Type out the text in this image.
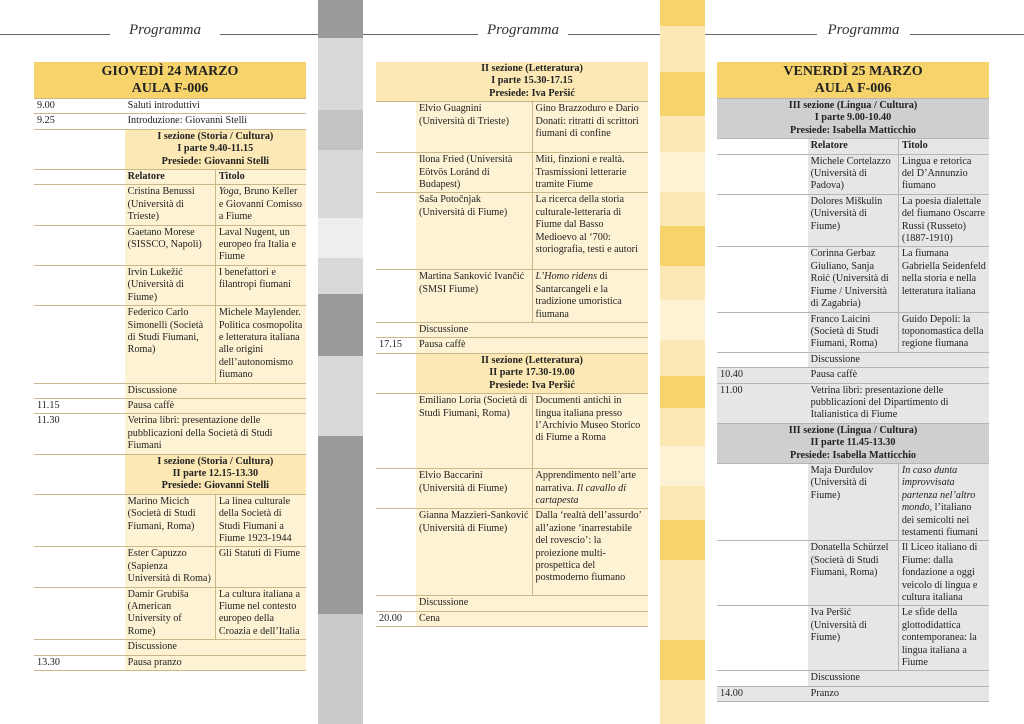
Programma	Programma	Programma
GIOVEDÌ 24 MARZO
AULA F-006		
9.00	Saluti introduttivi	
9.25	Introduzione: Giovanni Stelli	
	I sezione (Storia / Cultura)
I parte 9.40-11.15
Presiede: Giovanni Stelli	
	Relatore	Titolo
	Cristina Benussi (Università di Trieste)	Yoga, Bruno Keller e Giovanni Comisso a Fiume
	Gaetano Morese (SISSCO, Napoli)	Laval Nugent, un europeo fra Italia e Fiume
	Irvin Lukežić (Università di Fiume)	I benefattori e filantropi fiumani
	Federico Carlo Simonelli (Società di Studi Fiumani, Roma)	Michele Maylender. Politica cosmopolita e letteratura italiana alle origini dell’autonomismo fiumano
	Discussione	
11.15	Pausa caffè	
11.30	Vetrina libri: presentazione delle pubblicazioni della Società di Studi Fiumani	
	I sezione (Storia / Cultura)
II parte 12.15-13.30
Presiede: Giovanni Stelli	
	Marino Micich (Società di Studi Fiumani, Roma)	La linea culturale della Società di Studi Fiumani a Fiume 1923-1944
	Ester Capuzzo (Sapienza Università di Roma)	Gli Statuti di Fiume
	Damir Grubiša (American University of Rome)	La cultura italiana a Fiume nel contesto europeo della Croazia e dell’Italia
	Discussione	
13.30	Pausa pranzo	
	II sezione (Letteratura)
I parte 15.30-17.15
Presiede: Iva Peršić	
	Elvio Guagnini (Università di Trieste)	Gino Brazzoduro e Dario Donati: ritratti di scrittori fiumani di confine
	Ilona Fried (Università Eötvös Loránd di Budapest)	Miti, finzioni e realtà. Trasmissioni letterarie tramite Fiume
	Saša Potočnjak (Università di Fiume)	La ricerca della storia culturale-letteraria di Fiume dal Basso Medioevo al ‘700: storiografia, testi e autori
	Martina Sanković Ivančić (SMSI Fiume)	L’Homo ridens di Santarcangeli e la tradizione umoristica fiumana
	Discussione	
17.15	Pausa caffè	
	II sezione (Letteratura)
II parte 17.30-19.00
Presiede: Iva Peršić	
	Emiliano Loria (Società di Studi Fiumani, Roma)	Documenti antichi in lingua italiana presso l’Archivio Museo Storico di Fiume a Roma
	Elvio Baccarini (Università di Fiume)	Apprendimento nell’arte narrativa. Il cavallo di cartapesta
	Gianna Mazzieri-Sanković (Università di Fiume)	Dalla ‘realtà dell’assurdo’ all’azione ‘inarrestabile del rovescio’: la proiezione multi-prospettica del postmoderno fiumano
	Discussione	
20.00	Cena	
VENERDÌ 25 MARZO
AULA F-006		
III sezione (Lingua / Cultura)
I parte 9.00-10.40
Presiede: Isabella Matticchio		
	Relatore	Titolo
	Michele Cortelazzo (Università di Padova)	Lingua e retorica del D’Annunzio fiumano
	Dolores Miškulin (Università di Fiume)	La poesia dialettale del fiumano Oscarre Russi (Russeto) (1887-1910)
	Corinna Gerbaz Giuliano, Sanja Roić (Università di Fiume / Università di Zagabria)	La fiumana Gabriella Seidenfeld nella storia e nella letteratura italiana
	Franco Laicini (Società di Studi Fiumani, Roma)	Guido Depoli: la toponomastica della regione fiumana
	Discussione	
10.40	Pausa caffè	
11.00	Vetrina libri: presentazione delle pubblicazioni del Dipartimento di Italianistica di Fiume	
III sezione (Lingua / Cultura)
II parte 11.45-13.30
Presiede: Isabella Matticchio		
	Maja Đurđulov (Università di Fiume)	In caso dunta improvvisata partenza nel’altro mondo, l’italiano dei semicolti nei testamenti fiumani
	Donatella Schürzel (Società di Studi Fiumani, Roma)	Il Liceo italiano di Fiume: dalla fondazione a oggi veicolo di lingua e cultura italiana
	Iva Peršić (Università di Fiume)	Le sfide della glottodidattica contemporanea: la lingua italiana a Fiume
	Discussione	
14.00	Pranzo	
